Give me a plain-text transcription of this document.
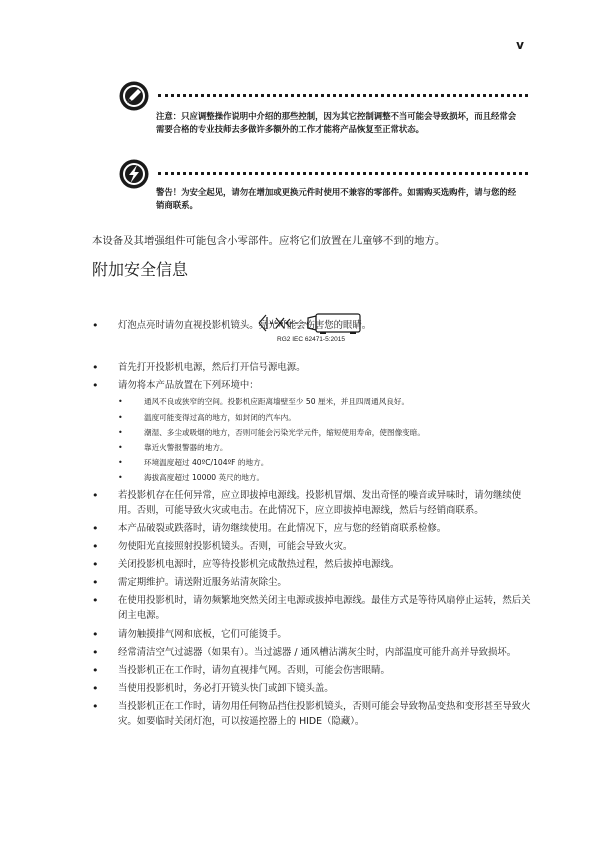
v
注意：只应调整操作说明中介绍的那些控制，因为其它控制调整不当可能会导致损坏，而且经常会需要合格的专业技师去多做许多额外的工作才能将产品恢复至正常状态。
警告！为安全起见，请勿在增加或更换元件时使用不兼容的零部件。如需购买选购件，请与您的经销商联系。
本设备及其增强组件可能包含小零部件。应将它们放置在儿童够不到的地方。
附加安全信息
• 灯泡点亮时请勿直视投影机镜头。亮光可能会伤害您的眼睛。
• 首先打开投影机电源，然后打开信号源电源。
• 请勿将本产品放置在下列环境中：
• 通风不良或狭窄的空间。投影机应距离墙壁至少 50 厘米，并且四周通风良好。
• 温度可能变得过高的地方，如封闭的汽车内。
• 潮湿、多尘或吸烟的地方，否则可能会污染光学元件，缩短使用寿命，使图像变暗。
• 靠近火警报警器的地方。
• 环境温度超过 40ºC/104ºF 的地方。
• 海拔高度超过 10000 英尺的地方。
• 若投影机存在任何异常，应立即拔掉电源线。投影机冒烟、发出奇怪的噪音或异味时，请勿继续使用。否则，可能导致火灾或电击。在此情况下，应立即拔掉电源线，然后与经销商联系。
• 本产品破裂或跌落时，请勿继续使用。在此情况下，应与您的经销商联系检修。
• 勿使阳光直接照射投影机镜头。否则，可能会导致火灾。
• 关闭投影机电源时，应等待投影机完成散热过程，然后拔掉电源线。
• 需定期维护。请送附近服务站清灰除尘。
• 在使用投影机时，请勿频繁地突然关闭主电源或拔掉电源线。最佳方式是等待风扇停止运转，然后关闭主电源。
• 请勿触摸排气网和底板，它们可能烫手。
• 经常清洁空气过滤器（如果有）。当过滤器 / 通风槽沾满灰尘时，内部温度可能升高并导致损坏。
• 当投影机正在工作时，请勿直视排气网。否则，可能会伤害眼睛。
• 当使用投影机时，务必打开镜头快门或卸下镜头盖。
• 当投影机正在工作时，请勿用任何物品挡住投影机镜头，否则可能会导致物品变热和变形甚至导致火灾。如要临时关闭灯泡，可以按遥控器上的 HIDE（隐藏）。
RG2 IEC 62471-5:2015
